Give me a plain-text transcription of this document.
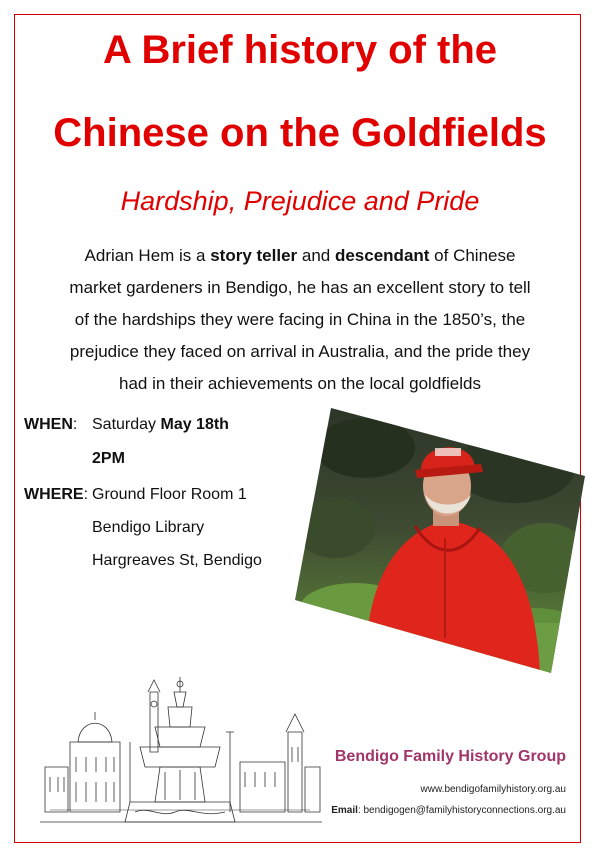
A Brief history of the
Chinese on the Goldfields
Hardship, Prejudice and Pride
Adrian Hem is a story teller and descendant of Chinese
market gardeners in Bendigo, he has an excellent story to tell
of the hardships they were facing in China in the 1850’s, the
prejudice they faced on arrival in Australia, and the pride they
had in their achievements on the local goldfields
WHEN: Saturday May 18th
2PM
WHERE: Ground Floor Room 1
Bendigo Library
Hargreaves St, Bendigo
Bendigo Family History Group
www.bendigofamilyhistory.org.au
Email: bendigogen@familyhistoryconnections.org.au
